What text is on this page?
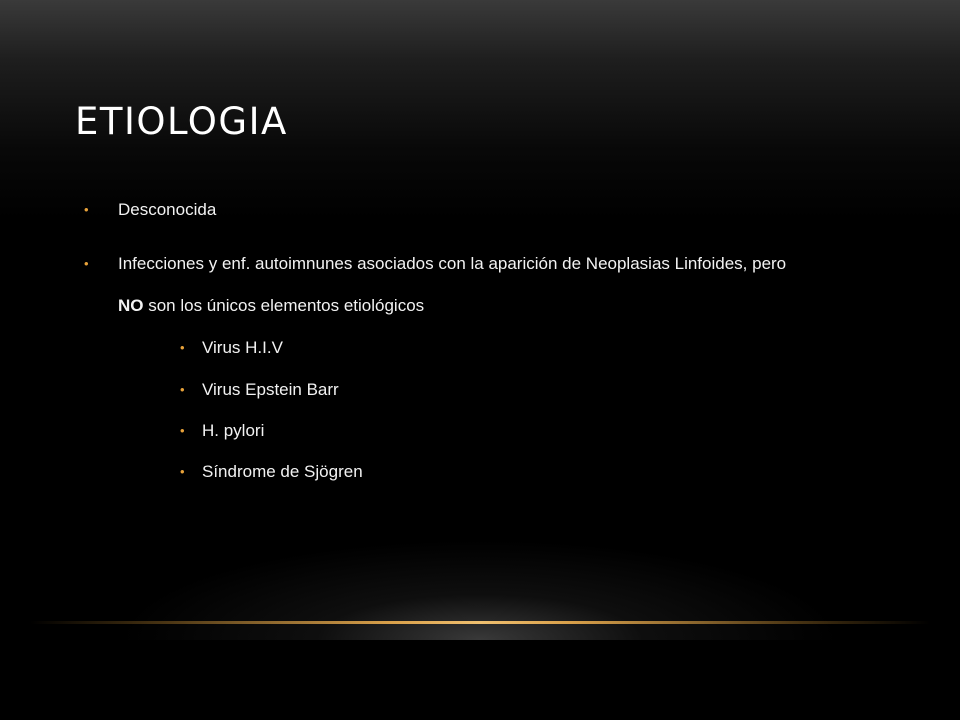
ETIOLOGIA
• Desconocida
• Infecciones y enf. autoimnunes asociados con la aparición de Neoplasias Linfoides, pero
NO son los únicos elementos etiológicos
• Virus H.I.V
• Virus Epstein Barr
• H. pylori
• Síndrome de Sjögren
